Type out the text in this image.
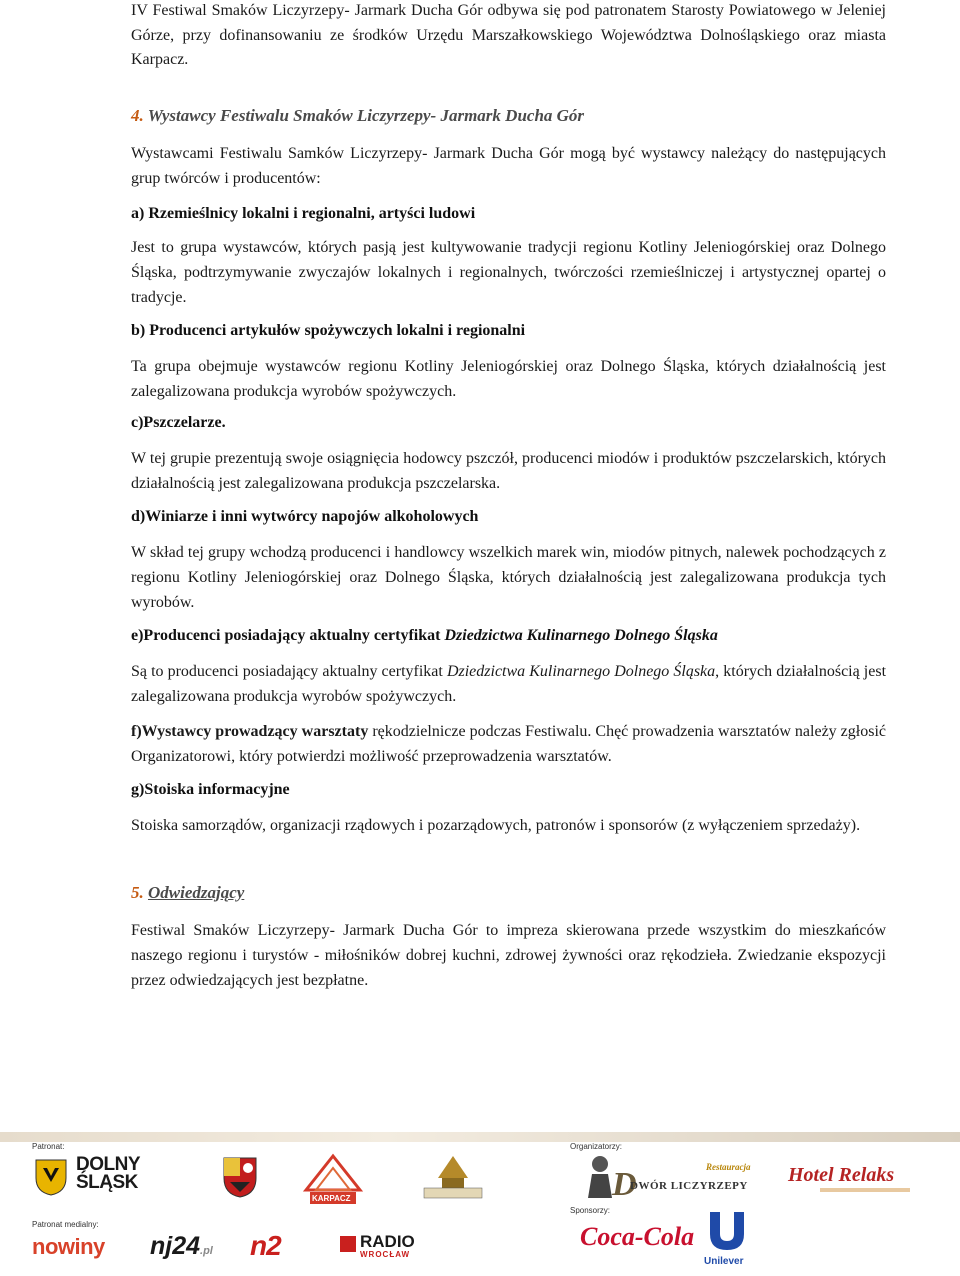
IV Festiwal Smaków Liczyrzepy- Jarmark Ducha Gór odbywa się pod patronatem Starosty Powiatowego w Jeleniej Górze, przy dofinansowaniu ze środków Urzędu Marszałkowskiego Województwa Dolnośląskiego oraz miasta Karpacz.

4. Wystawcy Festiwalu Smaków Liczyrzepy- Jarmark Ducha Gór

Wystawcami Festiwalu Samków Liczyrzepy- Jarmark Ducha Gór mogą być wystawcy należący do następujących grup twórców i producentów:

a) Rzemieślnicy lokalni i regionalni, artyści ludowi

Jest to grupa wystawców, których pasją jest kultywowanie tradycji regionu Kotliny Jeleniogórskiej oraz Dolnego Śląska, podtrzymywanie zwyczajów lokalnych i regionalnych, twórczości rzemieślniczej i artystycznej opartej o tradycje.

b) Producenci artykułów spożywczych lokalni i regionalni

Ta grupa obejmuje wystawców regionu Kotliny Jeleniogórskiej oraz Dolnego Śląska, których działalnością jest zalegalizowana produkcja wyrobów spożywczych.

c)Pszczelarze.

W tej grupie prezentują swoje osiągnięcia hodowcy pszczół, producenci miodów i produktów pszczelarskich, których działalnością jest zalegalizowana produkcja pszczelarska.

d)Winiarze i inni wytwórcy napojów alkoholowych

W skład tej grupy wchodzą producenci i handlowcy wszelkich marek win, miodów pitnych, nalewek pochodzących z regionu Kotliny Jeleniogórskiej oraz Dolnego Śląska, których działalnością jest zalegalizowana produkcja tych wyrobów.

e)Producenci posiadający aktualny certyfikat Dziedzictwa Kulinarnego Dolnego Śląska

Są to producenci posiadający aktualny certyfikat Dziedzictwa Kulinarnego Dolnego Śląska, których działalnością jest zalegalizowana produkcja wyrobów spożywczych.

f)Wystawcy prowadzący warsztaty rękodzielnicze podczas Festiwalu. Chęć prowadzenia warsztatów należy zgłosić Organizatorowi, który potwierdzi możliwość przeprowadzenia warsztatów.

g)Stoiska informacyjne

Stoiska samorządów, organizacji rządowych i pozarządowych, patronów i sponsorów (z wyłączeniem sprzedaży).

5. Odwiedzający

Festiwal Smaków Liczyrzepy- Jarmark Ducha Gór to impreza skierowana przede wszystkim do mieszkańców naszego regionu i turystów - miłośników dobrej kuchni, zdrowej żywności oraz rękodzieła. Zwiedzanie ekspozycji przez odwiedzających jest bezpłatne.

Patronat:
Patronat medialny:
Organizatorzy:
Sponsorzy:
DOLNY
ŚLĄSK
KARPACZ	D
DWÓR LICZYRZEPY
Restauracja Hotel Relaks
nowiny nj24.pl n2	RADIO
WROCŁAW
Coca-Cola
Unilever
